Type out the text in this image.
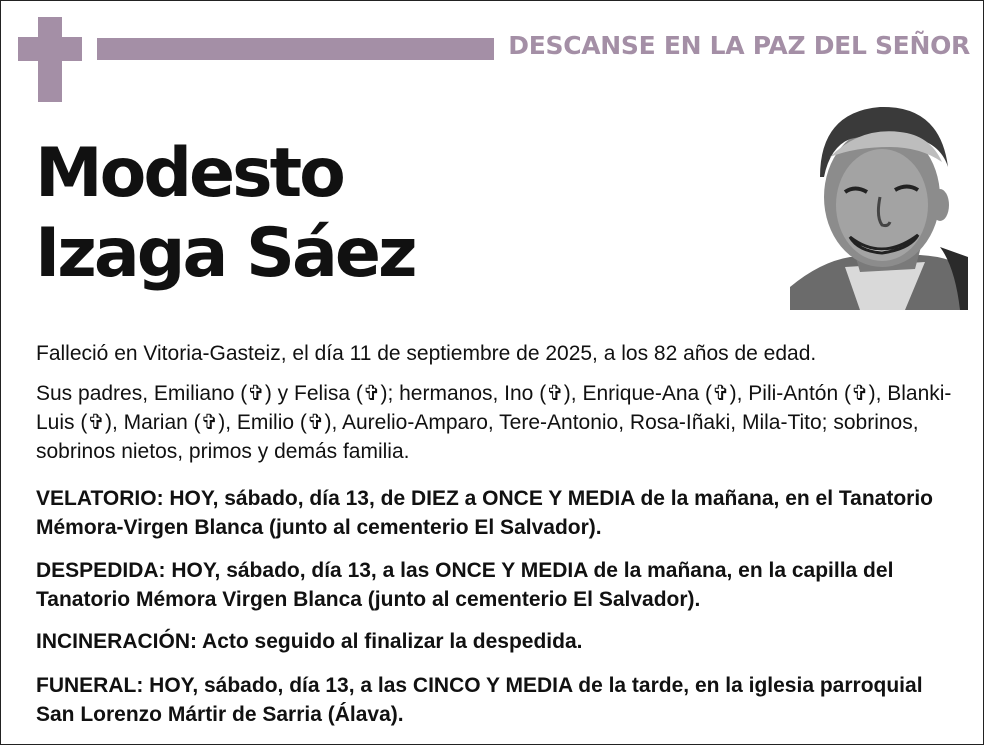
DESCANSE EN LA PAZ DEL SEÑOR
Modesto
Izaga Sáez
Falleció en Vitoria-Gasteiz, el día 11 de septiembre de 2025, a los 82 años de edad.
Sus padres, Emiliano (✞) y Felisa (✞); hermanos, Ino (✞), Enrique-Ana (✞), Pili-Antón (✞), Blanki-Luis (✞), Marian (✞), Emilio (✞), Aurelio-Amparo, Tere-Antonio, Rosa-Iñaki, Mila-Tito; sobrinos, sobrinos nietos, primos y demás familia.
VELATORIO: HOY, sábado, día 13, de DIEZ a ONCE Y MEDIA de la mañana, en el Tanatorio Mémora-Virgen Blanca (junto al cementerio El Salvador).
DESPEDIDA: HOY, sábado, día 13, a las ONCE Y MEDIA de la mañana, en la capilla del Tanatorio Mémora Virgen Blanca (junto al cementerio El Salvador).
INCINERACIÓN: Acto seguido al finalizar la despedida.
FUNERAL: HOY, sábado, día 13, a las CINCO Y MEDIA de la tarde, en la iglesia parroquial San Lorenzo Mártir de Sarria (Álava).
